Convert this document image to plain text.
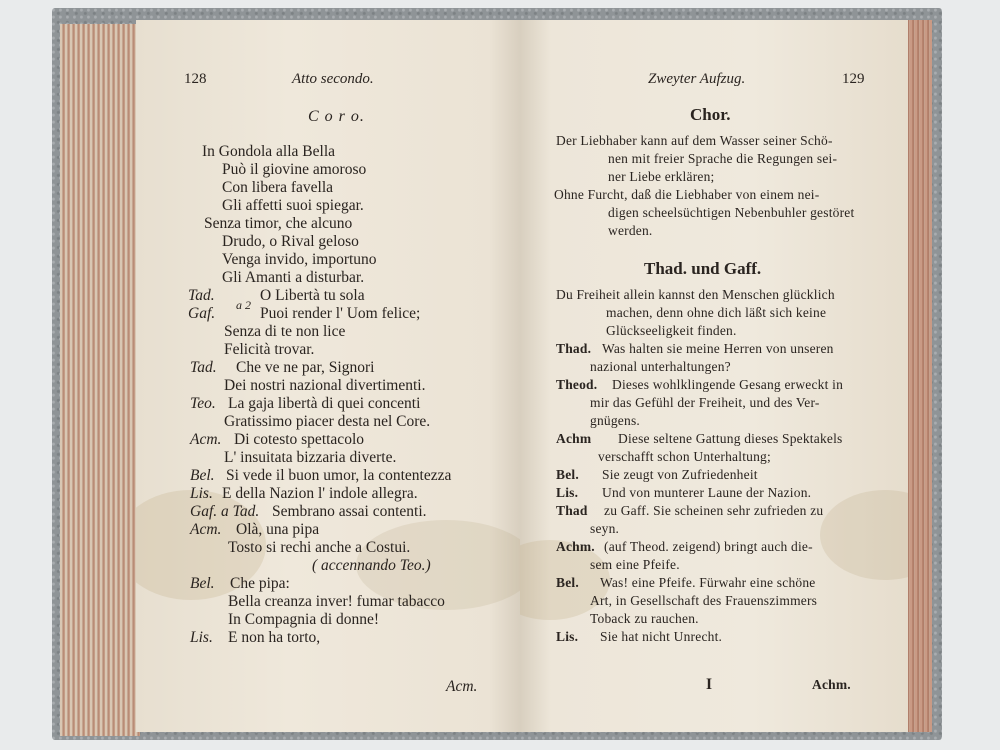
128	Atto secondo.
C o r o.
In Gondola alla Bella
Può il giovine amoroso
Con libera favella
Gli affetti suoi spiegar.
Senza timor, che alcuno
Drudo, o Rival geloso
Venga invido, importuno
Gli Amanti a disturbar.
Tad.
Gaf. a 2
O Libertà tu sola
Puoi render l' Uom felice;
Senza di te non lice
Felicità trovar.
Tad. Che ve ne par, Signori
Dei nostri nazional divertimenti.
Teo. La gaja libertà di quei concenti
Gratissimo piacer desta nel Core.
Acm. Di cotesto spettacolo
L' insuitata bizzaria diverte.
Bel. Si vede il buon umor, la contentezza
Lis. E della Nazion l' indole allegra.
Gaf. a Tad. Sembrano assai contenti.
Acm. Olà, una pipa
Tosto si rechi anche a Costui.
( accennando Teo.)
Bel. Che pipa:
Bella creanza inver! fumar tabacco
In Compagnia di donne!
Lis. E non ha torto,
Acm.
Zweyter Aufzug.	129
Chor.
Der Liebhaber kann auf dem Wasser seiner Schö-
nen mit freier Sprache die Regungen sei-
ner Liebe erklären;
Ohne Furcht, daß die Liebhaber von einem nei-
digen scheelsüchtigen Nebenbuhler gestöret
werden.
Thad. und Gaff.
Du Freiheit allein kannst den Menschen glücklich
machen, denn ohne dich läßt sich keine
Glückseeligkeit finden.
Thad. Was halten sie meine Herren von unseren
nazional unterhaltungen?
Theod. Dieses wohlklingende Gesang erweckt in
mir das Gefühl der Freiheit, und des Ver-
gnügens.
Achm Diese seltene Gattung dieses Spektakels
verschafft schon Unterhaltung;
Bel. Sie zeugt von Zufriedenheit
Lis. Und von munterer Laune der Nazion.
Thad zu Gaff. Sie scheinen sehr zufrieden zu
seyn.
Achm. (auf Theod. zeigend) bringt auch die-
sem eine Pfeife.
Bel. Was! eine Pfeife. Fürwahr eine schöne
Art, in Gesellschaft des Frauenszimmers
Toback zu rauchen.
Lis. Sie hat nicht Unrecht.
I	Achm.
